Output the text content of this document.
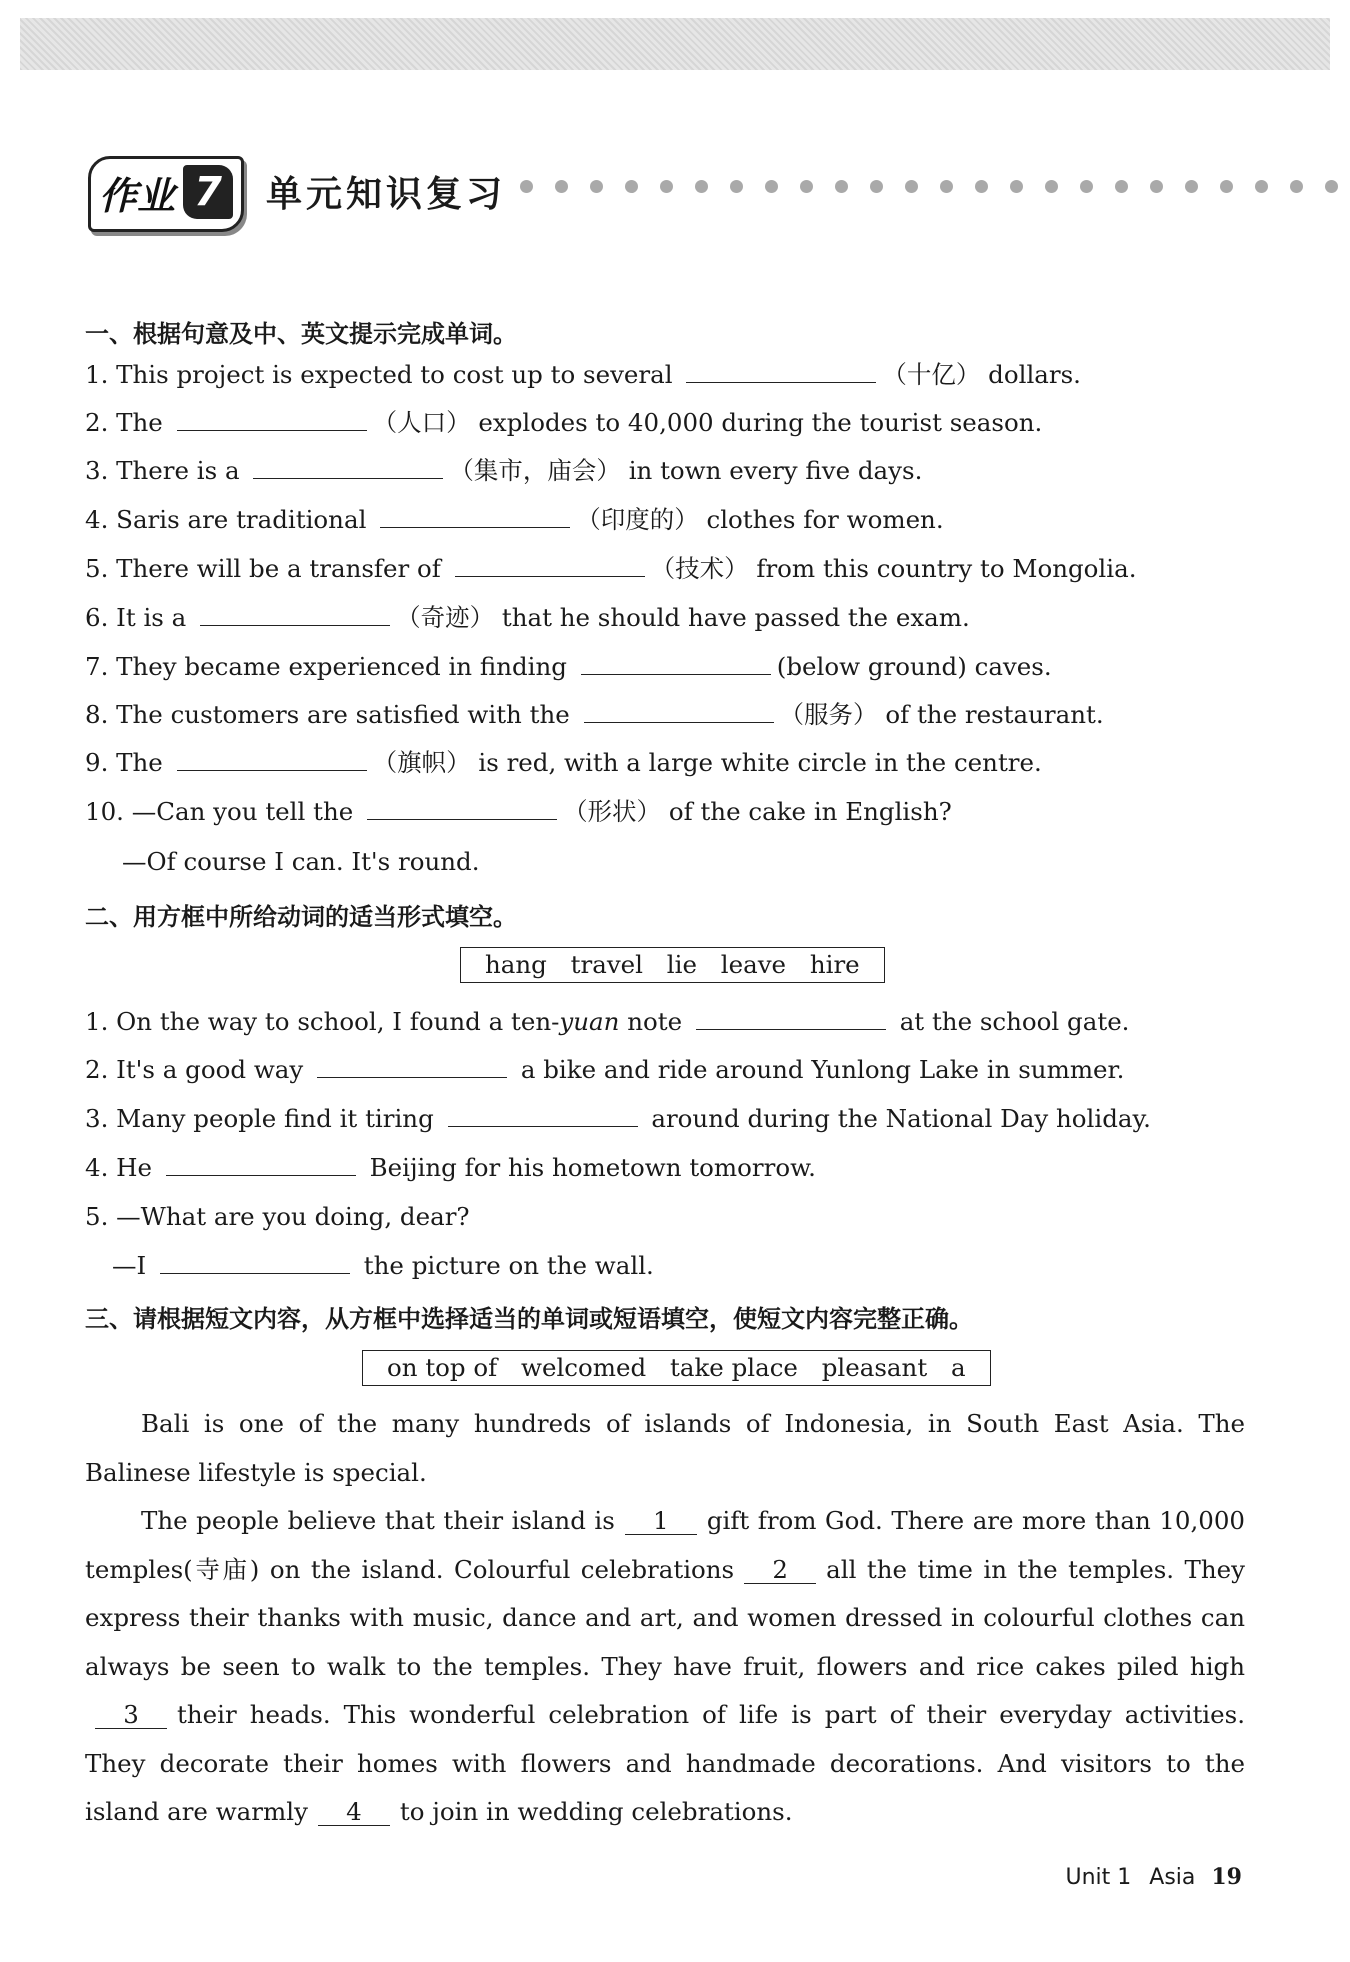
作业 7	单元知识复习
一、根据句意及中、英文提示完成单词。
1. This project is expected to cost up to several	（十亿） dollars.
2. The	（人口） explodes to 40,000 during the tourist season.
3. There is a	（集市，庙会） in town every five days.
4. Saris are traditional	（印度的） clothes for women.
5. There will be a transfer of	（技术） from this country to Mongolia.
6. It is a	（奇迹） that he should have passed the exam.
7. They became experienced in finding	(below ground) caves.
8. The customers are satisfied with the	（服务） of the restaurant.
9. The	（旗帜） is red, with a large white circle in the centre.
10. —Can you tell the	（形状） of the cake in English?
—Of course I can. It's round.
二、用方框中所给动词的适当形式填空。
hang travel lie leave hire
1. On the way to school, I found a ten-yuan note	at the school gate.
2. It's a good way	a bike and ride around Yunlong Lake in summer.
3. Many people find it tiring	around during the National Day holiday.
4. He	Beijing for his hometown tomorrow.
5. —What are you doing, dear?
—I	the picture on the wall.
三、请根据短文内容，从方框中选择适当的单词或短语填空，使短文内容完整正确。
on top of welcomed take place pleasant a
Bali is one of the many hundreds of islands of Indonesia, in South East Asia. The Balinese lifestyle is special.
The people believe that their island is 1 gift from God. There are more than 10,000 temples(寺庙) on the island. Colourful celebrations 2 all the time in the temples. They express their thanks with music, dance and art, and women dressed in colourful clothes can always be seen to walk to the temples. They have fruit, flowers and rice cakes piled high3 their heads. This wonderful celebration of life is part of their everyday activities. They decorate their homes with flowers and handmade decorations. And visitors to the island are warmly 4 to join in wedding celebrations.
Unit 1 Asia 19
